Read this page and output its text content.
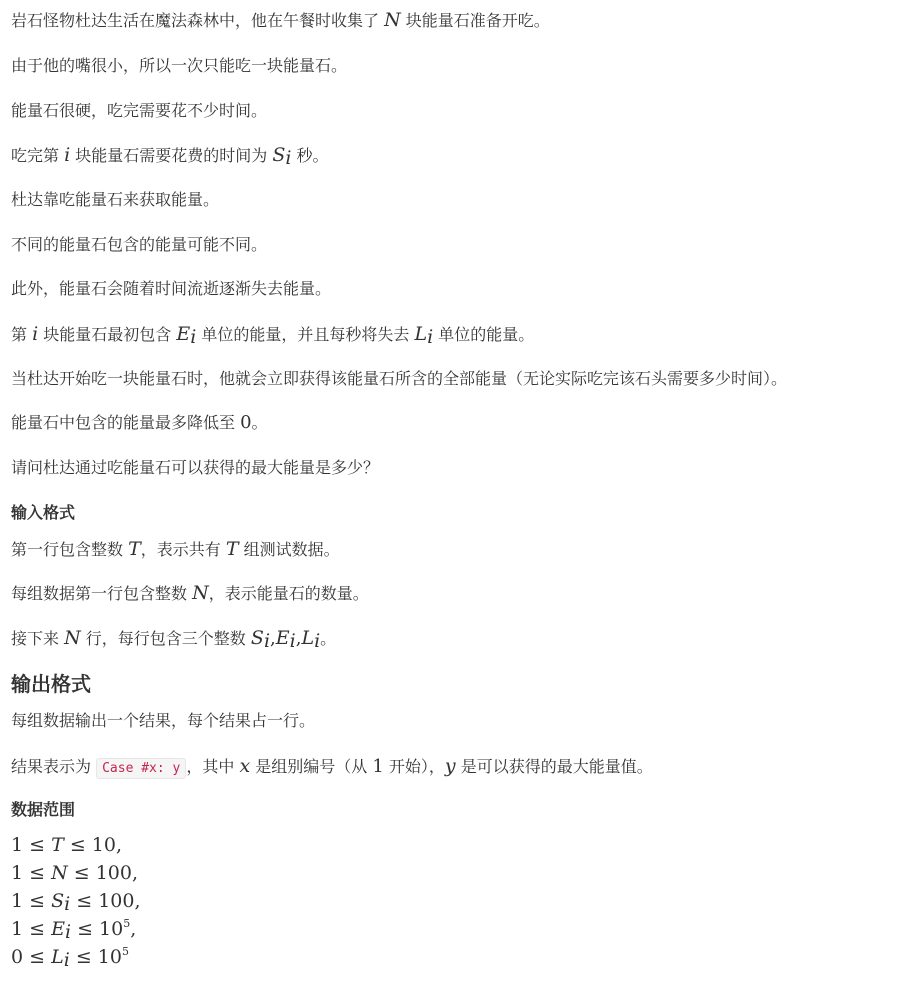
岩石怪物杜达生活在魔法森林中，他在午餐时收集了 N 块能量石准备开吃。
由于他的嘴很小，所以一次只能吃一块能量石。
能量石很硬，吃完需要花不少时间。
吃完第 i 块能量石需要花费的时间为 $S_i$ 秒。
杜达靠吃能量石来获取能量。
不同的能量石包含的能量可能不同。
此外，能量石会随着时间流逝逐渐失去能量。
第 i 块能量石最初包含 $E_i$ 单位的能量，并且每秒将失去 $L_i$ 单位的能量。
当杜达开始吃一块能量石时，他就会立即获得该能量石所含的全部能量（无论实际吃完该石头需要多少时间）。
能量石中包含的能量最多降低至 0。
请问杜达通过吃能量石可以获得的最大能量是多少？
输入格式
第一行包含整数 T，表示共有 T 组测试数据。
每组数据第一行包含整数 N，表示能量石的数量。
接下来 N 行，每行包含三个整数 $S_i,E_i,L_i$。
输出格式
每组数据输出一个结果，每个结果占一行。
结果表示为 Case #x: y ，其中 x 是组别编号（从 1 开始），y 是可以获得的最大能量值。
数据范围
1 ≤ T ≤ 10,
1 ≤ N ≤ 100,
$1 \le S_i \le 100$,
$1 \le E_i \le 10^5$,
$0 \le L_i \le 10^5$
